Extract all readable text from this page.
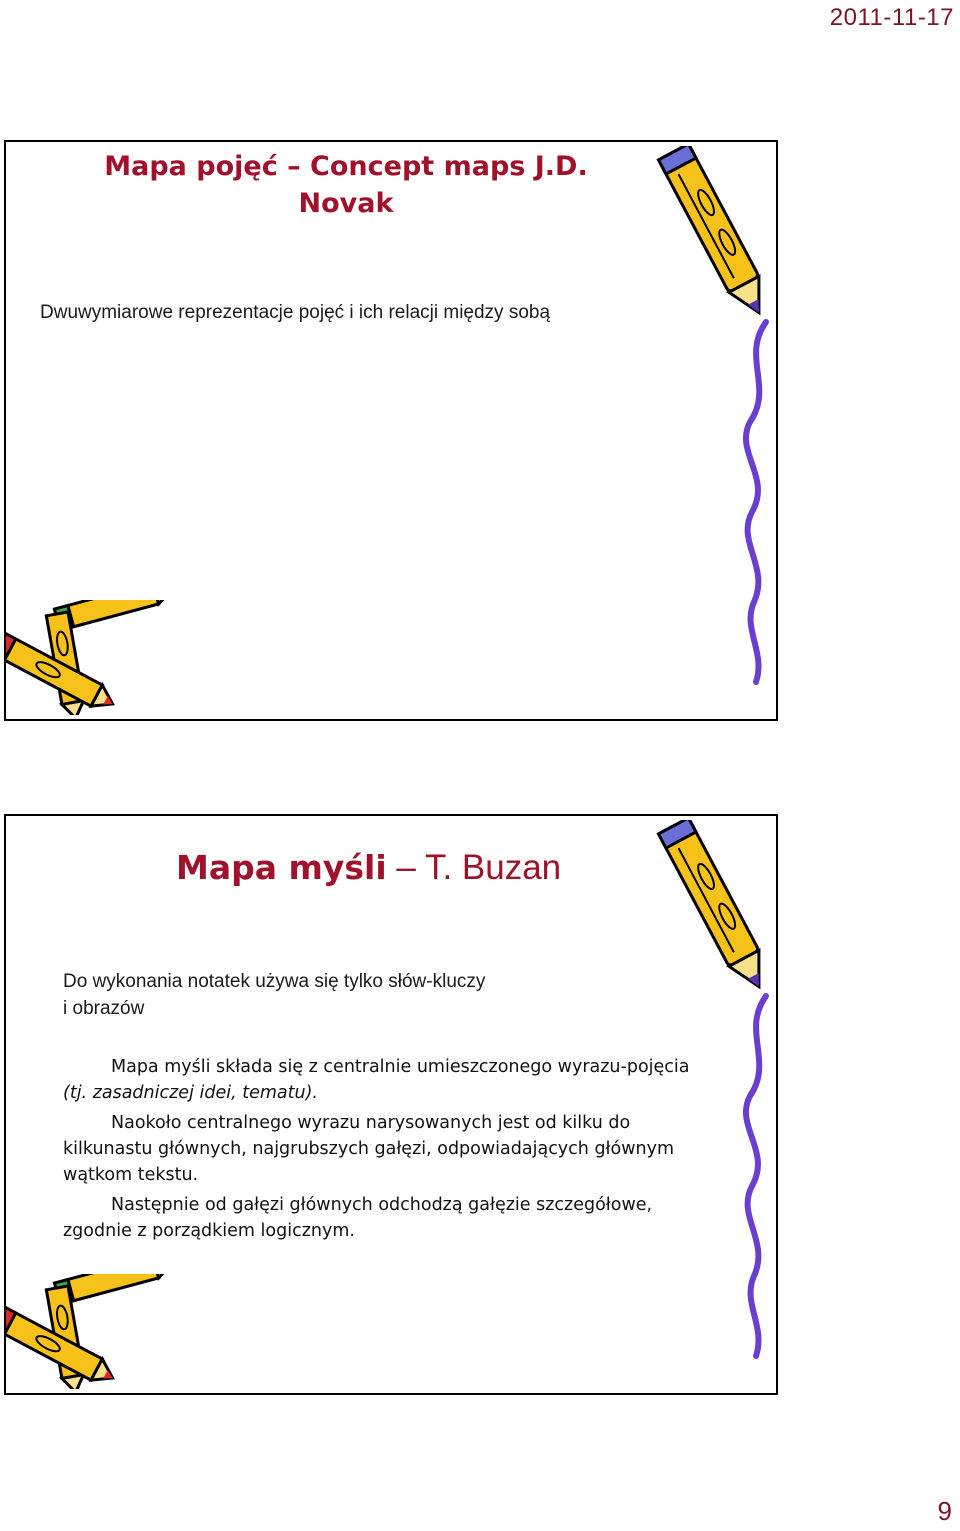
2011-11-17
Mapa pojęć – Concept maps J.D.
Novak
Dwuwymiarowe reprezentacje pojęć i ich relacji między sobą
Mapa myśli – T. Buzan
Do wykonania notatek używa się tylko słów-kluczy
i obrazów

Mapa myśli składa się z centralnie umieszczonego wyrazu-pojęcia (tj. zasadniczej idei, tematu).

Naokoło centralnego wyrazu narysowanych jest od kilku do kilkunastu głównych, najgrubszych gałęzi, odpowiadających głównym wątkom tekstu.

Następnie od gałęzi głównych odchodzą gałęzie szczegółowe, zgodnie z porządkiem logicznym.

9
